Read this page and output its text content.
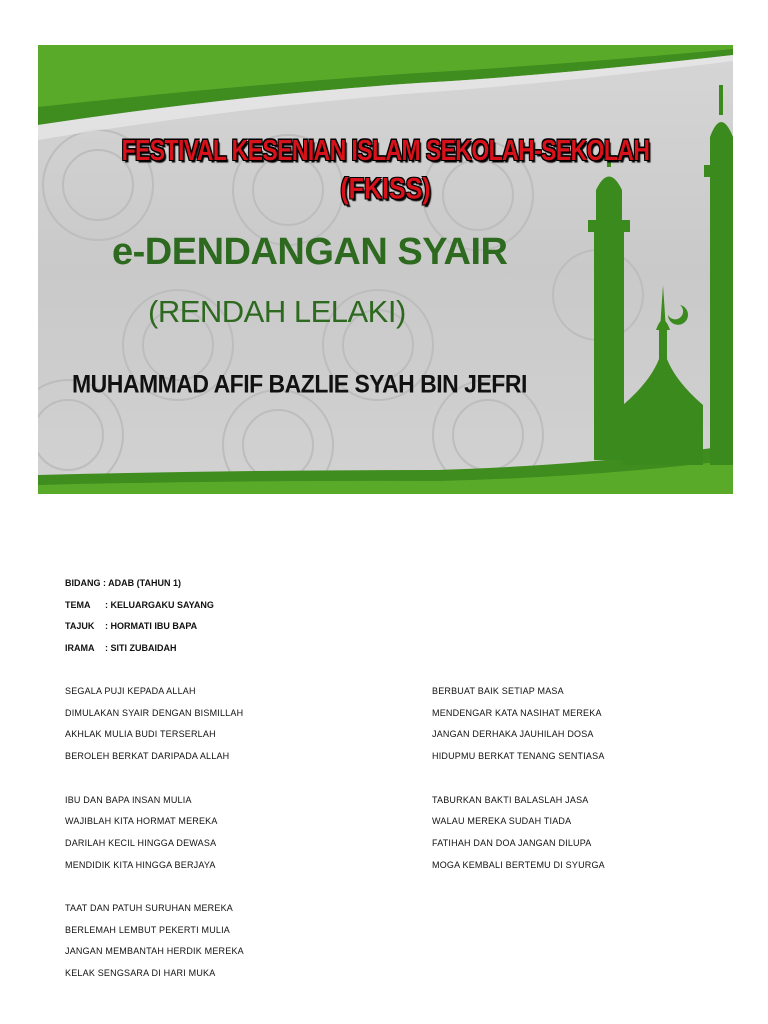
FESTIVAL KESENIAN ISLAM SEKOLAH-SEKOLAH
(FKISS)
e-DENDANGAN SYAIR
(RENDAH LELAKI)
MUHAMMAD AFIF BAZLIE SYAH BIN JEFRI
BIDANG : ADAB (TAHUN 1)
TEMA : KELUARGAKU SAYANG
TAJUK : HORMATI IBU BAPA
IRAMA : SITI ZUBAIDAH
SEGALA PUJI KEPADA ALLAH
DIMULAKAN SYAIR DENGAN BISMILLAH
AKHLAK MULIA BUDI TERSERLAH
BEROLEH BERKAT DARIPADA ALLAH
IBU DAN BAPA INSAN MULIA
WAJIBLAH KITA HORMAT MEREKA
DARILAH KECIL HINGGA DEWASA
MENDIDIK KITA HINGGA BERJAYA
TAAT DAN PATUH SURUHAN MEREKA
BERLEMAH LEMBUT PEKERTI MULIA
JANGAN MEMBANTAH HERDIK MEREKA
KELAK SENGSARA DI HARI MUKA
BERBUAT BAIK SETIAP MASA
MENDENGAR KATA NASIHAT MEREKA
JANGAN DERHAKA JAUHILAH DOSA
HIDUPMU BERKAT TENANG SENTIASA
TABURKAN BAKTI BALASLAH JASA
WALAU MEREKA SUDAH TIADA
FATIHAH DAN DOA JANGAN DILUPA
MOGA KEMBALI BERTEMU DI SYURGA
